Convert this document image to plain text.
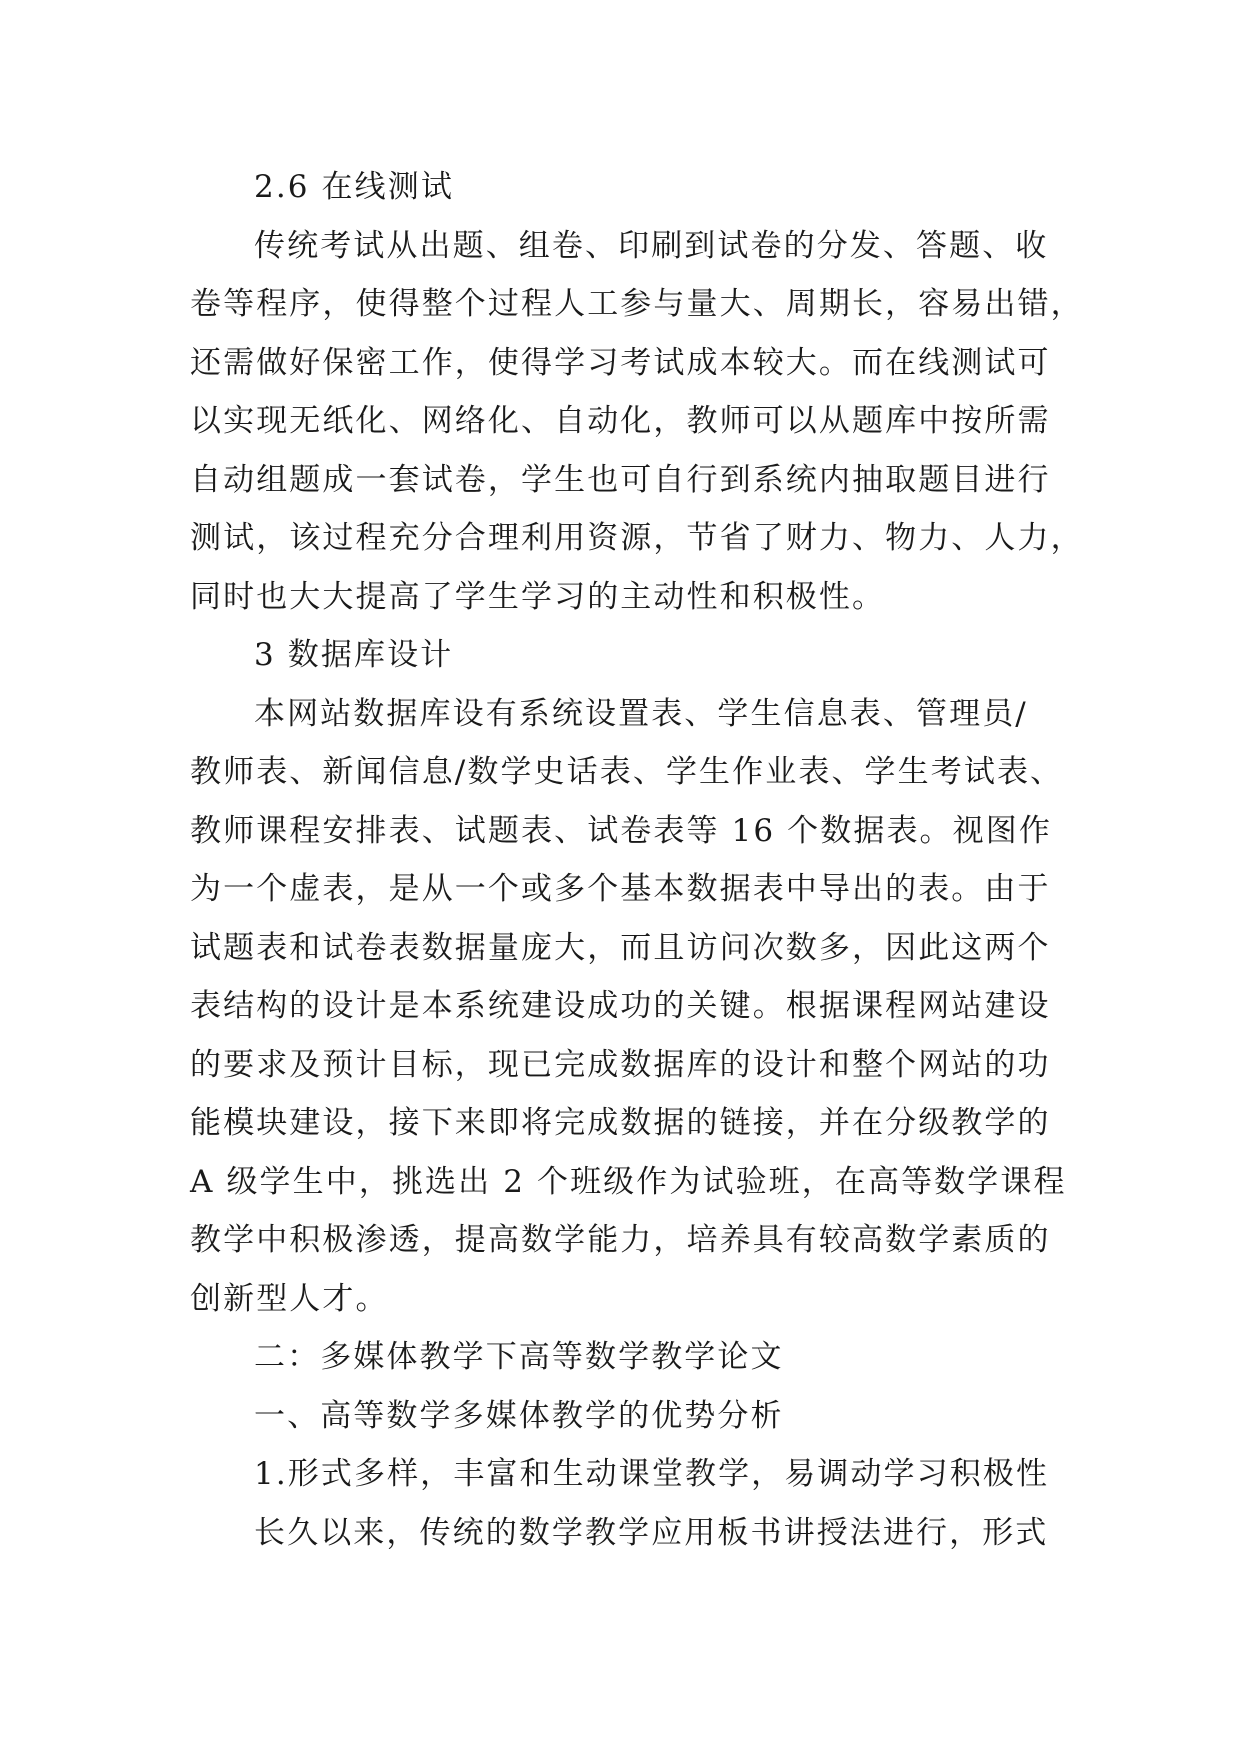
2.6 在线测试
传统考试从出题、组卷、印刷到试卷的分发、答题、收
卷等程序，使得整个过程人工参与量大、周期长，容易出错，
还需做好保密工作，使得学习考试成本较大。而在线测试可
以实现无纸化、网络化、自动化，教师可以从题库中按所需
自动组题成一套试卷，学生也可自行到系统内抽取题目进行
测试，该过程充分合理利用资源，节省了财力、物力、人力，
同时也大大提高了学生学习的主动性和积极性。
3 数据库设计
本网站数据库设有系统设置表、学生信息表、管理员/
教师表、新闻信息/数学史话表、学生作业表、学生考试表、
教师课程安排表、试题表、试卷表等 16 个数据表。视图作
为一个虚表，是从一个或多个基本数据表中导出的表。由于
试题表和试卷表数据量庞大，而且访问次数多，因此这两个
表结构的设计是本系统建设成功的关键。根据课程网站建设
的要求及预计目标，现已完成数据库的设计和整个网站的功
能模块建设，接下来即将完成数据的链接，并在分级教学的
A 级学生中，挑选出 2 个班级作为试验班，在高等数学课程
教学中积极渗透，提高数学能力，培养具有较高数学素质的
创新型人才。
二：多媒体教学下高等数学教学论文
一、高等数学多媒体教学的优势分析
1.形式多样，丰富和生动课堂教学，易调动学习积极性
长久以来，传统的数学教学应用板书讲授法进行，形式
